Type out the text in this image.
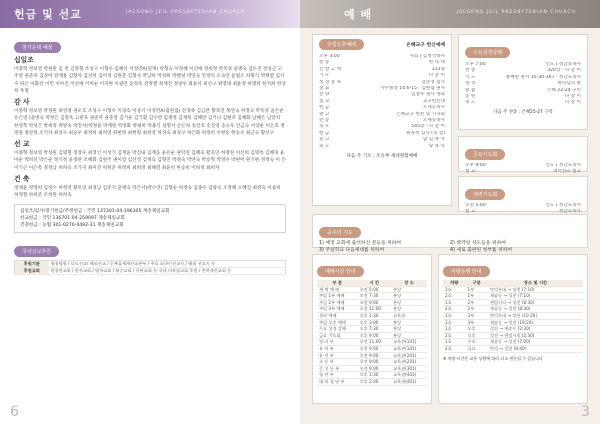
헌금 및 선교	JAESONG JEIL PRESBYTERIAN CHURCH
창가운데 예물
십일조
이종혁 정보영 박성원 김 천 김명철 조성구 이형우·김혜석 이경민A(연재) 곽형숙 이정혜 이선애 정희정 박옥경 윤병숙 김두진 강성근 고주영 권준자 김경미 강재홍 김향자 김선희 김미경 김원춘 김형사 박남희 박성희 박행실 박연숙 안정덕 오숙연 윤범소 차명식 박채열 김지수 하은 이화강 이민 이아진 이선애 이미순 이지현 이광연 윤정옥 전정열 정재진 정당우 최윤석 최선구 최영대 최윤정 허명희 한지희 한상희 투명
감 사
이종혁 정보영 박성원 최영정 권오호 조성구 이형우 지경호 이상기 이경민A(집원집) 전경목 김금란 황호연 목연숙 허정숙 박옥경 윤은순 유은영 (윤병숙 박정은 김명옥 고판호 권준자 권준영 김기순 김기환 김수영 김재정 김재희 김혜란 김기나 김현주 김혜화 남혜은 남궁치 한영복 박성은 박세정 박관숙 박진서(박정용 박재원 박정화 박평희 박용식 설명서 손은희 송인호 송진영 송소우 안금숙 어상운 이은효 정정용 정찬희 조기자 최성구 최승우 최정희 최희영 하현희 최현형 최희영 허경숙 최경구 허은화 허정희 이현승 한승수 최근숙 황선구
선 교
이종혁 정보영 박성원 김명철 정장우 최영인 이성기 김재윤 박진내 김재웅 윤유순 권덕연 김혜숙 황호연 허정란 이선희 김명옥 김혜경 윤미순 박희선 박은순 정기정 윤정란 조혜화 김현주 권이랑 김선영 김정숙 김형민 박경숙 박연숙 박승혁 박영수 박현미 원기현 정정숙 이 은 이기근 이은옥 정정남 허희숙 조가지 최미진 허희준 허정희 최희정 최혜영 최윤희 한승희 이희정 최희자
건 축
정재윤 정영희 김정수 허정연 황호연 최경남 김준지 윤병숙 박은서(박수연) 김형순 허정숙 김종수 김창숙 오정해 오혜진 최정숙 이중희 허정철 하희준 조희원 허희숙
십일조/감사/절기헌금/주정헌금 : 국민 137301-04-196305 재송제일교회
선교헌금 : 국민 136701-04-259097 재송제일교회
건축헌금 : 농협 301-0270-4492-31 재송제일교회
국내선교후원
후원기관	영청병원 / 다도선교/ 해외선교 / 순복음세계선교본부 / 주요 외국인선교사 / 해외 선교지 등
후원교회	원경현교회 / 원주교회 / 영주교회 / 새순교회 / 이판교회 등 국내 미자립교회 후원 / 충북제천교회 등
6
예 배	JAESONG JEIL PRESBYTERIAN CHURCH
주일오후예배	은혜교구 헌신예배
오후 3:00	사회 | 김정석목사
찬 송	한 다 대
신 앙 고 백	313장
기 도	다 같 이
성 경 봉 독	강준경 집사
설 교	사무엘상 14:6-15 · 김현집 권사
찬 양	임장우 권사 성회
설 교	교구헌신대
헌 금	오세동목사
광 고	은혜교구 헌신 및 기자회
찬 송	오세동목사
축 도	545장 · 다 같 이
헌 금	최권정 김사 (의 장)
광 고	담 임 목 사
축 도	당 목 사
다음 주 기도 : 조유부 세대원함예배
수요성경강해
오후 7:00	인도 | 정남호목사
찬 송	320장 · 다 같 이
기 도	홍예원 권사 35:30-367 · 정남호목사
성 경	하나님의 말
말 씀	은혜 22-24 구역
봉 헌	다 같 이
축 도	다 같 이
다음 주 찬송 : 은혜25-27 구역
금요기도회
오후 9:00	인도 | 정남호목사
설 교	4석친교 설교
새벽기도회
오전 5:00	인도 | 정남호목사
설 교	정남호목사
공주의 기도
1) 예정 교회에 출석하신 분들을 위하여	2) 병역한 성도들을 위하여
3) 주일학교 다음세대를 위하여	4) 새로 출판된 청부를 위하여
예배시간 안내
부 분	시 간	장 소
새 벽 예 배	오전 5:00	본당
주일 1부 예배	오전 7:30	본당
주일 2부 예배	오전 9:00	본당
주일 3부 예배	오전 11:00	본당
청년 예배	오후 1:30	교육관
주일 오후 예배	오후 3:00	본당
수요 성경 강해	오후 7:30	본당
금요 기도회	오후 9:00	본당
영 아 부	오전 11:00	교육관(101)
유 치 부	오전 9:00	교육관(101)
유 년 부	오전 9:00	교육관(201)
초 등 부	오전 9:00	교육관(201)
중 고 등 부	오전 9:00	교육관(301)
청 년 부	오후 1:30	교육관(401)
대 학 청 년 부	오후 2:00	교육관(401)
차량운행 안내
차량	구분	장소 및 시간
1호	1부	만덕롯데 → 성전 (7:10)
2호	1부	재송동 → 성전 (7:10)
1호	2부	센텀시티 → 성전 (8:30)
2호	2부	재송동 → 성전 (8:30)
1호	3부	만덕롯데 → 성전 (10:20)
2호	3부	재송동 → 성전 (10:20)
1호	오후	성전 → 재송동 (2:30)
2호	오후	성전 → 센텀시티 (2:30)
1호	수요	재송동 → 성전 (7:00)
2호	금요	만덕 → 성전 (8:40)
※ 차량 시간은 교통 상황에 따라 다소 변동될 수 있습니다
3
